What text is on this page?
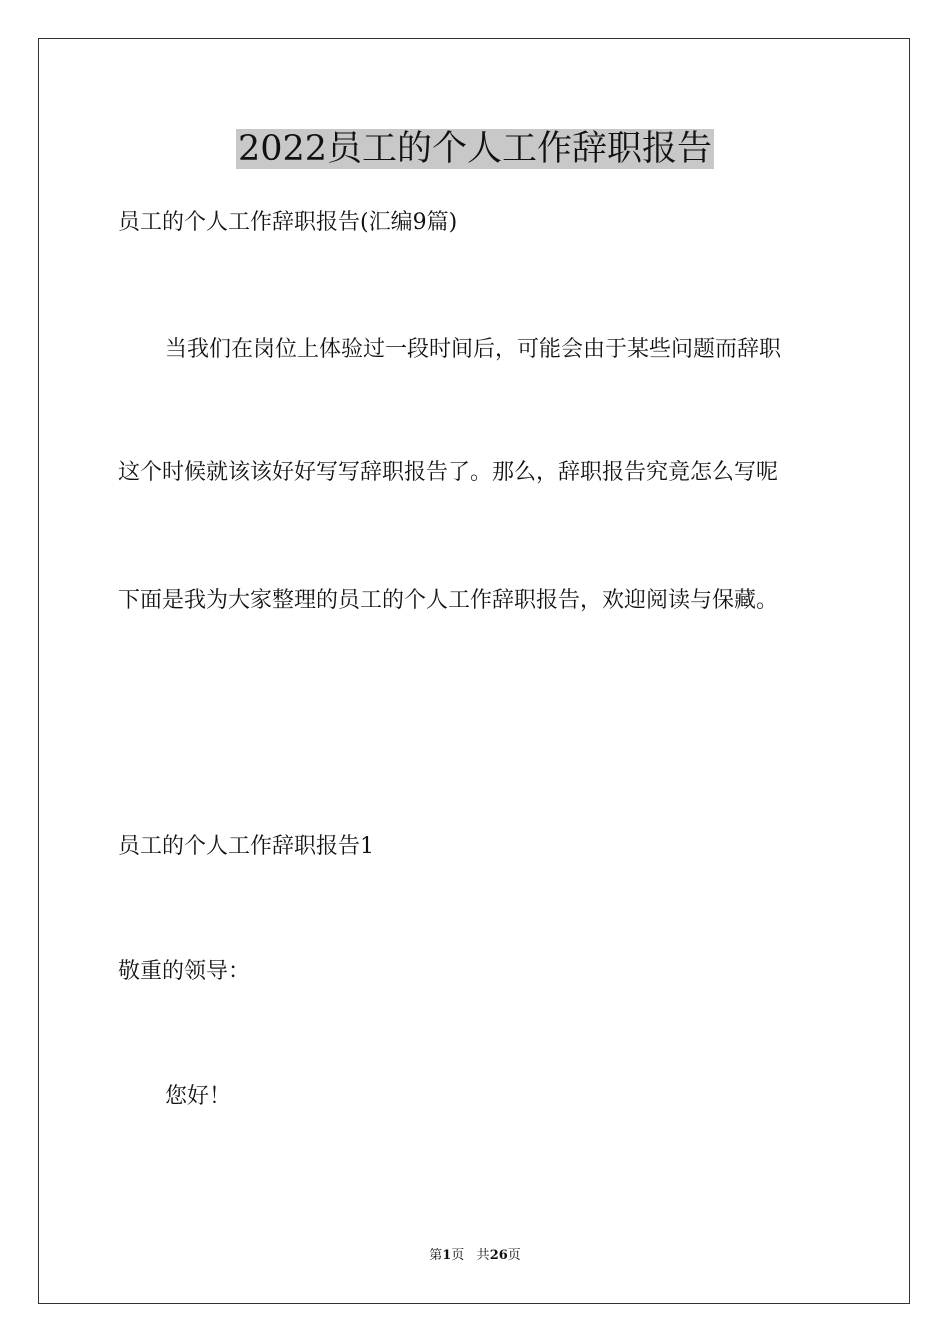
2022员工的个人工作辞职报告

员工的个人工作辞职报告(汇编9篇)

当我们在岗位上体验过一段时间后，可能会由于某些问题而辞职

这个时候就该该好好写写辞职报告了。那么，辞职报告究竟怎么写呢

下面是我为大家整理的员工的个人工作辞职报告，欢迎阅读与保藏。

员工的个人工作辞职报告1

敬重的领导：

您好！

第1页 共26页
